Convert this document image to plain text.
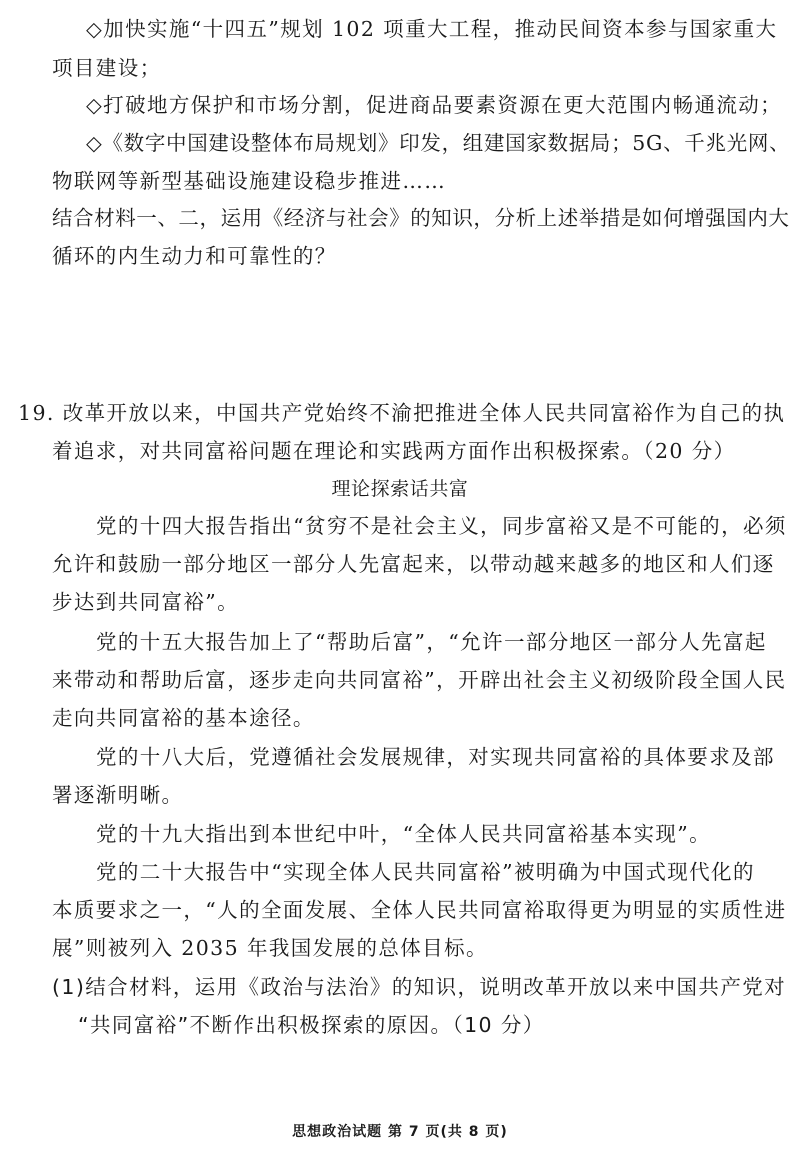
◇加快实施“十四五”规划 102 项重大工程，推动民间资本参与国家重大
项目建设；
◇打破地方保护和市场分割，促进商品要素资源在更大范围内畅通流动；
◇《数字中国建设整体布局规划》印发，组建国家数据局；5G、千兆光网、
物联网等新型基础设施建设稳步推进……
结合材料一、二，运用《经济与社会》的知识，分析上述举措是如何增强国内大
循环的内生动力和可靠性的？
19. 改革开放以来，中国共产党始终不渝把推进全体人民共同富裕作为自己的执
着追求，对共同富裕问题在理论和实践两方面作出积极探索。（20 分）
理论探索话共富
党的十四大报告指出“贫穷不是社会主义，同步富裕又是不可能的，必须
允许和鼓励一部分地区一部分人先富起来，以带动越来越多的地区和人们逐
步达到共同富裕”。
党的十五大报告加上了“帮助后富”，“允许一部分地区一部分人先富起
来带动和帮助后富，逐步走向共同富裕”，开辟出社会主义初级阶段全国人民
走向共同富裕的基本途径。
党的十八大后，党遵循社会发展规律，对实现共同富裕的具体要求及部
署逐渐明晰。
党的十九大指出到本世纪中叶，“全体人民共同富裕基本实现”。
党的二十大报告中“实现全体人民共同富裕”被明确为中国式现代化的
本质要求之一，“人的全面发展、全体人民共同富裕取得更为明显的实质性进
展”则被列入 2035 年我国发展的总体目标。
(1)结合材料，运用《政治与法治》的知识，说明改革开放以来中国共产党对
“共同富裕”不断作出积极探索的原因。（10 分）
思想政治试题 第 7 页(共 8 页)
